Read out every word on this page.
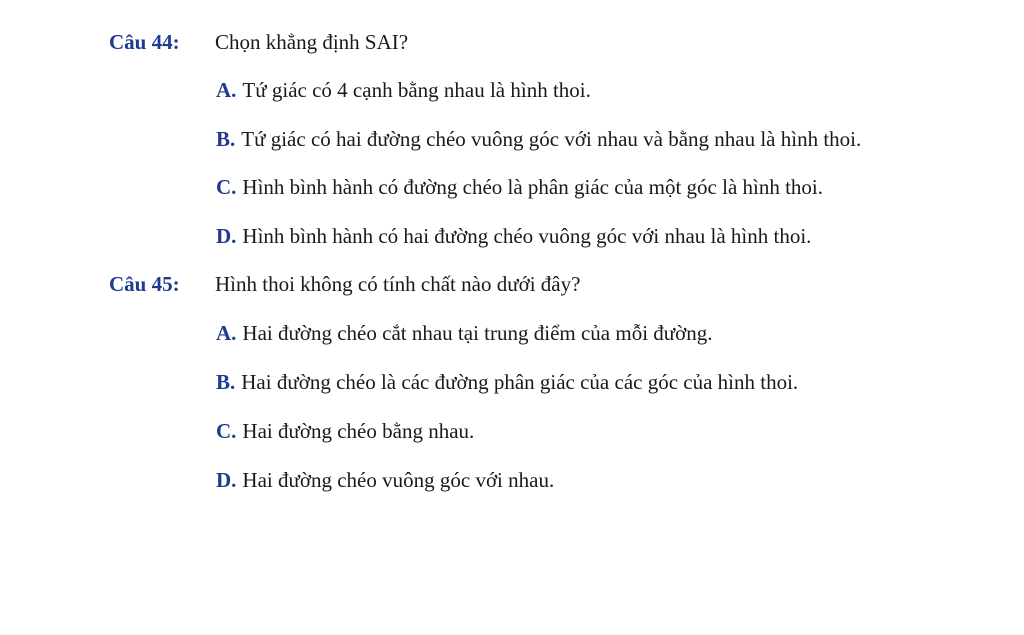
Câu 44: Chọn khẳng định SAI?
A. Tứ giác có 4 cạnh bằng nhau là hình thoi.
B. Tứ giác có hai đường chéo vuông góc với nhau và bằng nhau là hình thoi.
C. Hình bình hành có đường chéo là phân giác của một góc là hình thoi.
D. Hình bình hành có hai đường chéo vuông góc với nhau là hình thoi.
Câu 45: Hình thoi không có tính chất nào dưới đây?
A. Hai đường chéo cắt nhau tại trung điểm của mỗi đường.
B. Hai đường chéo là các đường phân giác của các góc của hình thoi.
C. Hai đường chéo bằng nhau.
D. Hai đường chéo vuông góc với nhau.
